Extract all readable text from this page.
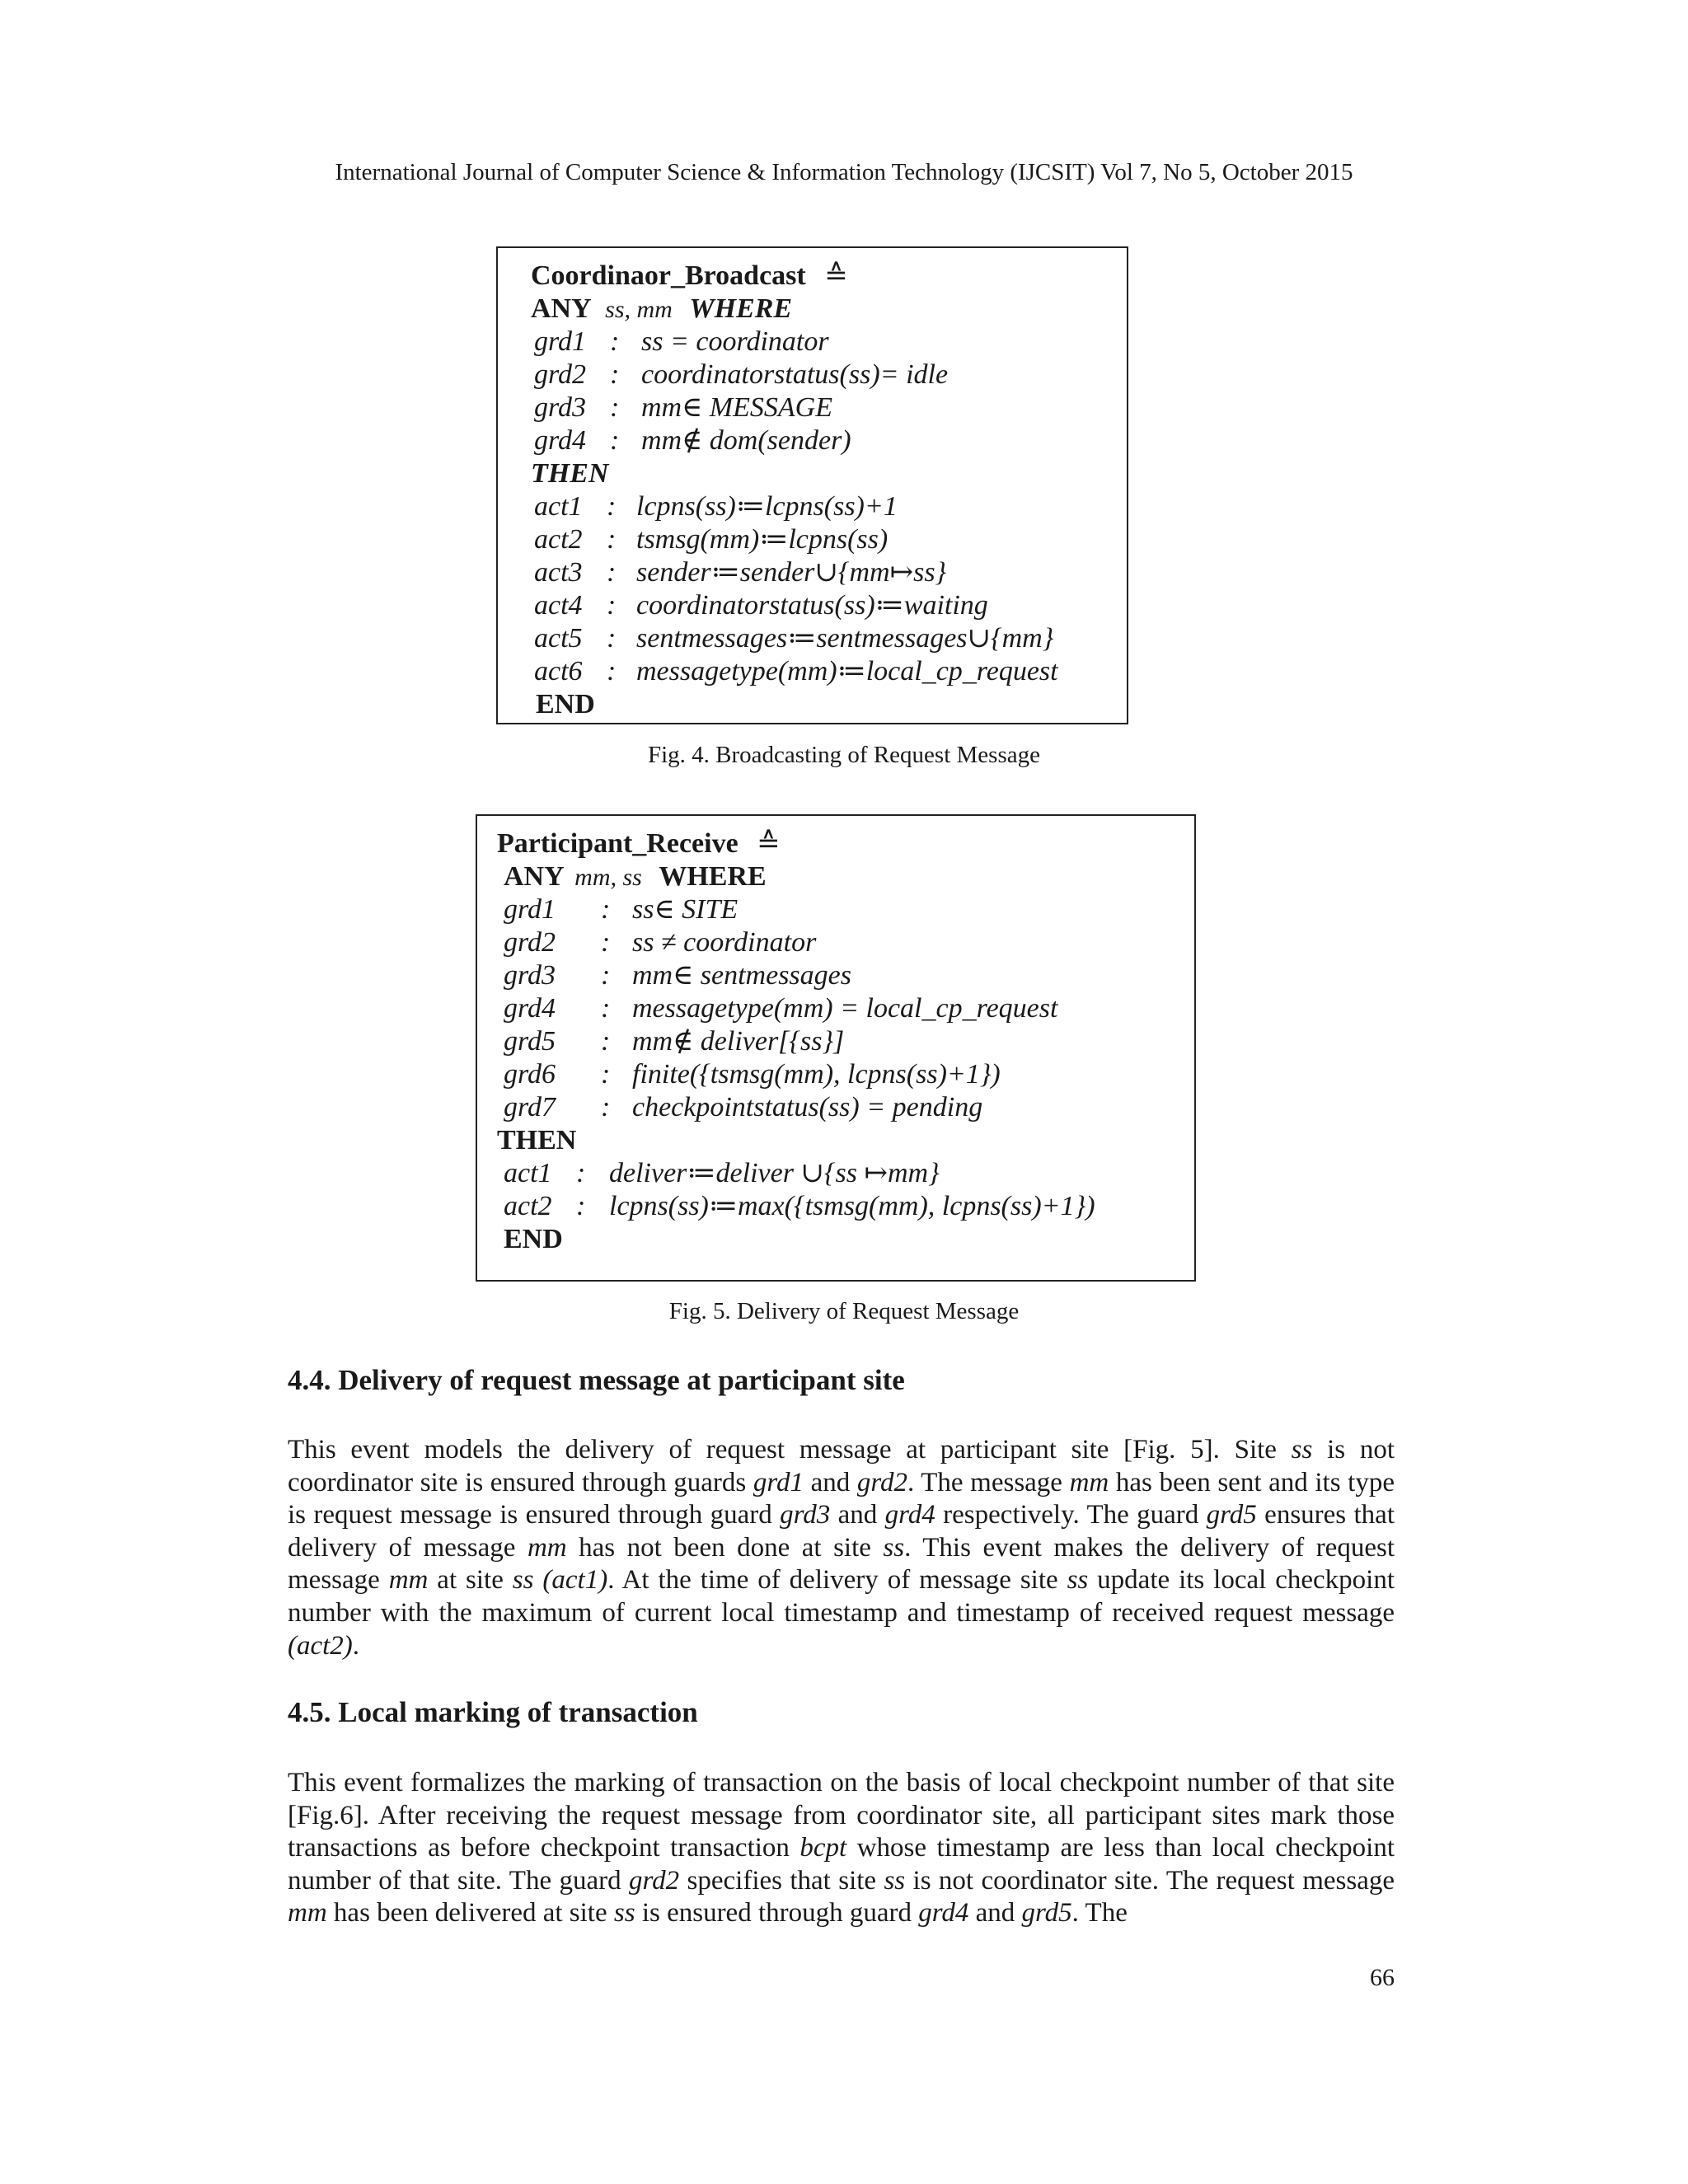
International Journal of Computer Science & Information Technology (IJCSIT) Vol 7, No 5, October 2015
Coordinaor_Broadcast ≙
ANY ss, mm WHERE
grd1 : ss = coordinator
grd2 : coordinatorstatus(ss)= idle
grd3 : mm∈ MESSAGE
grd4 : mm∉ dom(sender)
THEN
act1 : lcpns(ss)≔lcpns(ss)+1
act2 : tsmsg(mm)≔lcpns(ss)
act3 : sender≔sender∪{mm↦ss}
act4 : coordinatorstatus(ss)≔waiting
act5 : sentmessages≔sentmessages∪{mm}
act6 : messagetype(mm)≔local_cp_request
END
Fig. 4. Broadcasting of Request Message
Participant_Receive ≙
ANY mm, ss WHERE
grd1 : ss∈ SITE
grd2 : ss ≠ coordinator
grd3 : mm∈ sentmessages
grd4 : messagetype(mm) = local_cp_request
grd5 : mm∉ deliver[{ss}]
grd6 : finite({tsmsg(mm), lcpns(ss)+1})
grd7 : checkpointstatus(ss) = pending
THEN
act1 : deliver≔deliver ∪{ss ↦mm}
act2 : lcpns(ss)≔max({tsmsg(mm), lcpns(ss)+1})
END
Fig. 5. Delivery of Request Message
4.4. Delivery of request message at participant site
This event models the delivery of request message at participant site [Fig. 5]. Site ss is not coordinator site is ensured through guards grd1 and grd2. The message mm has been sent and its type is request message is ensured through guard grd3 and grd4 respectively. The guard grd5 ensures that delivery of message mm has not been done at site ss. This event makes the delivery of request message mm at site ss (act1). At the time of delivery of message site ss update its local checkpoint number with the maximum of current local timestamp and timestamp of received request message (act2).
4.5. Local marking of transaction
This event formalizes the marking of transaction on the basis of local checkpoint number of that site [Fig.6]. After receiving the request message from coordinator site, all participant sites mark those transactions as before checkpoint transaction bcpt whose timestamp are less than local checkpoint number of that site. The guard grd2 specifies that site ss is not coordinator site. The request message mm has been delivered at site ss is ensured through guard grd4 and grd5. The
66
